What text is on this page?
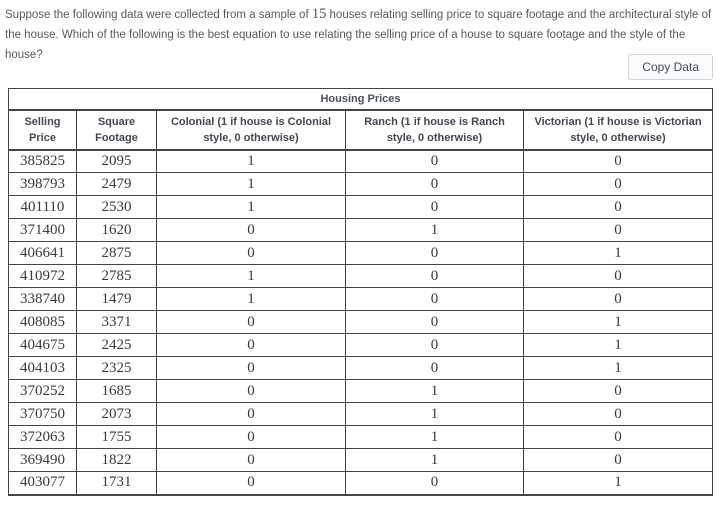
Suppose the following data were collected from a sample of 15 houses relating selling price to square footage and the architectural style of the house. Which of the following is the best equation to use relating the selling price of a house to square footage and the style of the house?
Copy Data
Housing Prices				
Selling Price	Square Footage	Colonial (1 if house is Colonial style, 0 otherwise)	Ranch (1 if house is Ranch style, 0 otherwise)	Victorian (1 if house is Victorian style, 0 otherwise)
385825	2095	1	0	0
398793	2479	1	0	0
401110	2530	1	0	0
371400	1620	0	1	0
406641	2875	0	0	1
410972	2785	1	0	0
338740	1479	1	0	0
408085	3371	0	0	1
404675	2425	0	0	1
404103	2325	0	0	1
370252	1685	0	1	0
370750	2073	0	1	0
372063	1755	0	1	0
369490	1822	0	1	0
403077	1731	0	0	1
